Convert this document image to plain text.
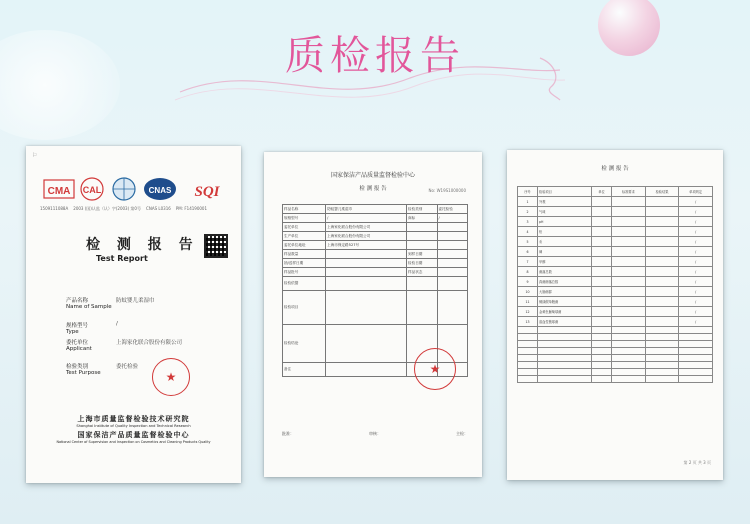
质检报告
⚐
CMA CAL	CNAS SQI
1509111088A    2003 (国)认监（认）字(2003) 第0号    CNAS L0316    PM: F14190001
检 测 报 告
Test Report
产品名称
Name of Sample
防蚊婴儿柔湿巾
规格型号
Type
/
委托单位
Applicant
上海家化联合股份有限公司
检验类别
Test Purpose
委托检验
★
上海市质量监督检验技术研究院
Shanghai Institute of Quality Inspection and Technical Research
国家保洁产品质量监督检验中心
National Center of Supervision and Inspection on Cosmetics and Cleaning Products Quality
国家保洁产品质量监督检验中心
检 测 报 告	No: W19S1000000
样品名称	防蚊婴儿柔湿巾	检验类别	委托检验
规格型号	/	商标	/
委托单位	上海家化联合股份有限公司		
生产单位	上海家化联合股份有限公司		
委托单位地址	上海市保定路527号		
样品数量		到样日期	
抽/送样日期		检验日期	
样品批号		样品状态	
检验依据			
检验项目			
检验结论			
备注				★
批准：	审核：	主检：
检 测 报 告
序号	检验项目	单位	标准要求	检验结果	单项判定
1	外观				/
2	气味				/
3	pH				/
4	铅				/
5	汞				/
6	砷				/
7	甲醇				/
8	菌落总数				/
9	真菌菌落总数				/
10	大肠菌群				/
11	铜绿假单胞菌				/
12	金黄色葡萄球菌				/
13	溶血性链球菌				/

第 2 页 共 3 页
